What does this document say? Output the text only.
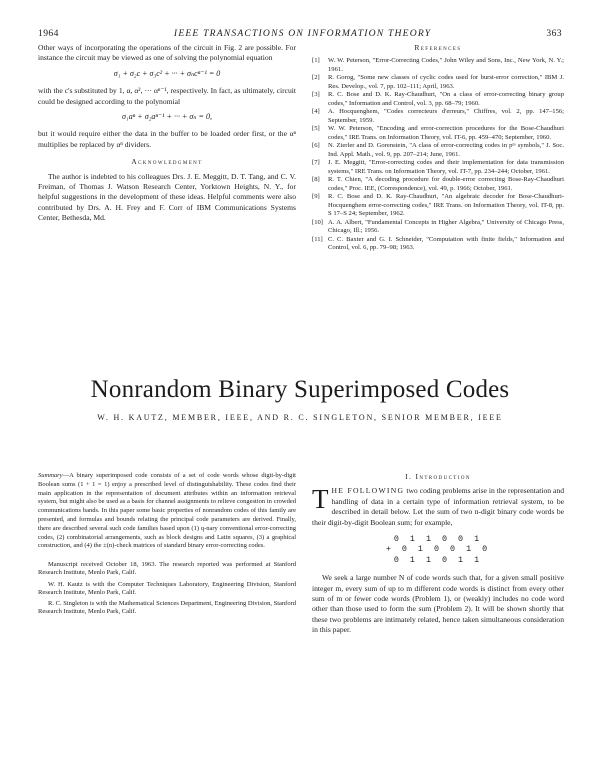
1964	IEEE TRANSACTIONS ON INFORMATION THEORY	363

Other ways of incorporating the operations of the circuit in Fig. 2 are possible. For instance the circuit may be viewed as one of solving the polynomial equation

σ₁ + σ₂c + σ₃c² + ··· + σₙcⁿ⁻¹ = 0

with the c's substituted by 1, α, α², ··· αⁿ⁻¹, respectively. In fact, as ultimately, circuit could be designed according to the polynomial

σ₁aⁿ + σ₂aⁿ⁻¹ + ··· + σₙ = 0,

but it would require either the data in the buffer to be loaded order first, or the αⁿ multiplies be replaced by αⁿ dividers.

Acknowledgment

The author is indebted to his colleagues Drs. J. E. Meggitt, D. T. Tang, and C. V. Freiman, of Thomas J. Watson Research Center, Yorktown Heights, N. Y., for helpful suggestions in the development of these ideas. Helpful comments were also contributed by Drs. A. H. Frey and F. Corr of IBM Communications Systems Center, Bethesda, Md.

References
[1] W. W. Peterson, "Error-Correcting Codes," John Wiley and Sons, Inc., New York, N. Y.; 1961.
[2] R. Gorog, "Some new classes of cyclic codes used for burst-error correction," IBM J. Res. Develop., vol. 7, pp. 102–111; April, 1963.
[3] R. C. Bose and D. K. Ray-Chaudhuri, "On a class of error-correcting binary group codes," Information and Control, vol. 3, pp. 68–79; 1960.
[4] A. Hocquenghem, "Codes correcteurs d'erreurs," Chiffres, vol. 2, pp. 147–156; September, 1959.
[5] W. W. Peterson, "Encoding and error-correction procedures for the Bose-Chaudhuri codes," IRE Trans. on Information Theory, vol. IT-6, pp. 459–470; September, 1960.
[6] N. Zierler and D. Gorenstein, "A class of error-correcting codes in pᵐ symbols," J. Soc. Ind. Appl. Math., vol. 9, pp. 207–214; June, 1961.
[7] J. E. Meggitt, "Error-correcting codes and their implementation for data transmission systems," IRE Trans. on Information Theory, vol. IT-7, pp. 234–244; October, 1961.
[8] R. T. Chien, "A decoding procedure for double-error correcting Bose-Ray-Chaudhuri codes," Proc. IEE, (Correspondence), vol. 49, p. 1966; October, 1961.
[9] R. C. Bose and D. K. Ray-Chaudhuri, "An algebraic decoder for Bose-Chaudhuri-Hocquenghem error-correcting codes," IRE Trans. on Information Theory, vol. IT-8, pp. S 17–S 24; September, 1962.
[10] A. A. Albert, "Fundamental Concepts in Higher Algebra," University of Chicago Press, Chicago, Ill.; 1956.
[11] C. C. Baxter and G. I. Schneider, "Computation with finite fields," Information and Control, vol. 6, pp. 79–98; 1963.
Nonrandom Binary Superimposed Codes
W. H. KAUTZ, MEMBER, IEEE, AND R. C. SINGLETON, SENIOR MEMBER, IEEE
Summary—A binary superimposed code consists of a set of code words whose digit-by-digit Boolean sums (1 + 1 = 1) enjoy a prescribed level of distinguishability. These codes find their main application in the representation of document attributes within an information retrieval system, but might also be used as a basis for channel assignments to relieve congestion in crowded communications bands. In this paper some basic properties of nonrandom codes of this family are presented, and formulas and bounds relating the principal code parameters are derived. Finally, there are described several such code families based upon (1) q-nary conventional error-correcting codes, (2) combinatorial arrangements, such as block designs and Latin squares, (3) a graphical construction, and (4) the ±(n)-check matrices of standard binary error-correcting codes.

Manuscript received October 18, 1963. The research reported was performed at Stanford Research Institute, Menlo Park, Calif.

W. H. Kautz is with the Computer Techniques Laboratory, Engineering Division, Stanford Research Institute, Menlo Park, Calif.

R. C. Singleton is with the Mathematical Sciences Department, Engineering Division, Stanford Research Institute, Menlo Park, Calif.

I. Introduction

THE FOLLOWING two coding problems arise in the representation and handling of data in a certain type of information retrieval system, to be described in detail below. Let the sum of two n-digit binary code words be their digit-by-digit Boolean sum; for example,

0 1 1 0 0 1
+ 0 1 0 0 1 0
0 1 1 0 1 1

We seek a large number N of code words such that, for a given small positive integer m, every sum of up to m different code words is distinct from every other sum of m or fewer code words (Problem 1), or (weakly) includes no code word other than those used to form the sum (Problem 2). It will be shown shortly that these two problems are intimately related, hence taken simultaneous consideration in this paper.
